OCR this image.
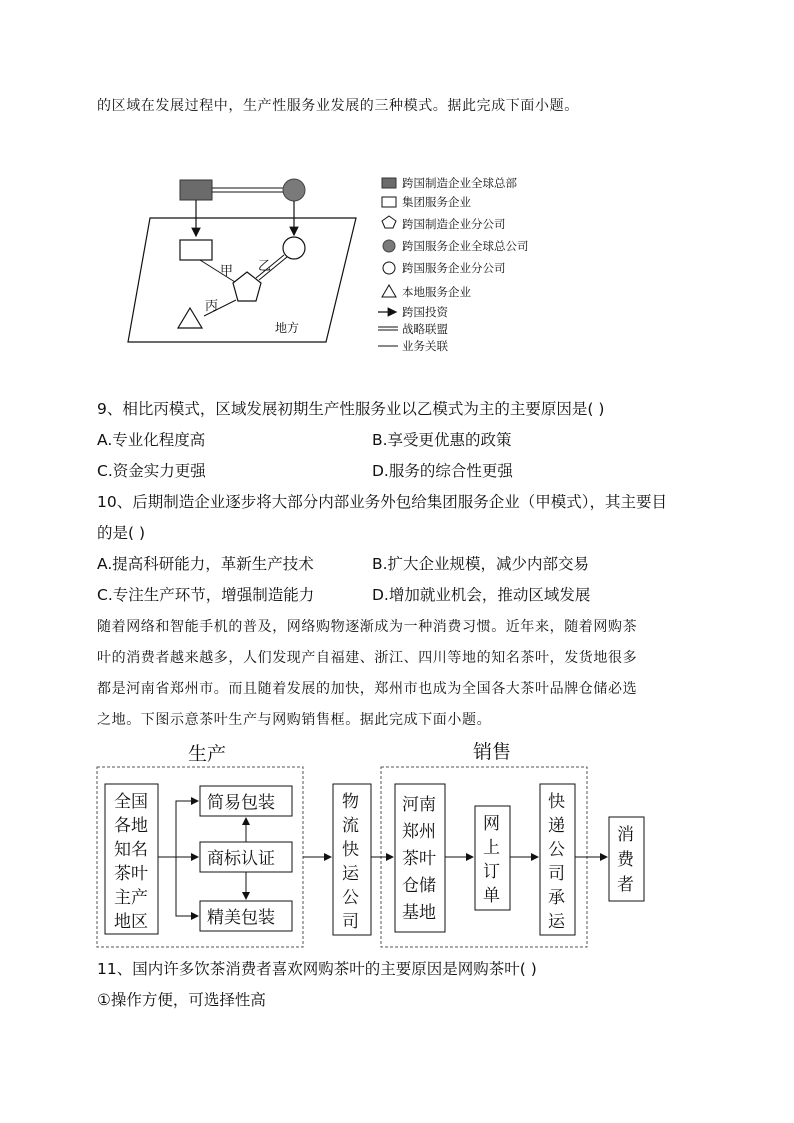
的区域在发展过程中，生产性服务业发展的三种模式。据此完成下面小题。
甲 乙
丙
地方
跨国制造企业全球总部
集团服务企业
跨国制造企业分公司
跨国服务企业全球总公司
跨国服务企业分公司
本地服务企业
跨国投资
战略联盟
业务关联
9、相比丙模式，区域发展初期生产性服务业以乙模式为主的主要原因是( )
A.专业化程度高	B.享受更优惠的政策
C.资金实力更强	D.服务的综合性更强
10、后期制造企业逐步将大部分内部业务外包给集团服务企业（甲模式），其主要目
的是( )
A.提高科研能力，革新生产技术	B.扩大企业规模，减少内部交易
C.专注生产环节，增强制造能力	D.增加就业机会，推动区域发展
随着网络和智能手机的普及，网络购物逐渐成为一种消费习惯。近年来，随着网购茶
叶的消费者越来越多，人们发现产自福建、浙江、四川等地的知名茶叶，发货地很多
都是河南省郑州市。而且随着发展的加快，郑州市也成为全国各大茶叶品牌仓储必选
之地。下图示意茶叶生产与网购销售框。据此完成下面小题。
生产	销售
全国
各地
知名
茶叶
主产
地区
简易包装
商标认证
精美包装
物
流
快
运
公
司
河南
郑州
茶叶
仓储
基地
网
上
订
单
快
递
公
司
承
运
消
费
者
11、国内许多饮茶消费者喜欢网购茶叶的主要原因是网购茶叶( )
①操作方便，可选择性高
